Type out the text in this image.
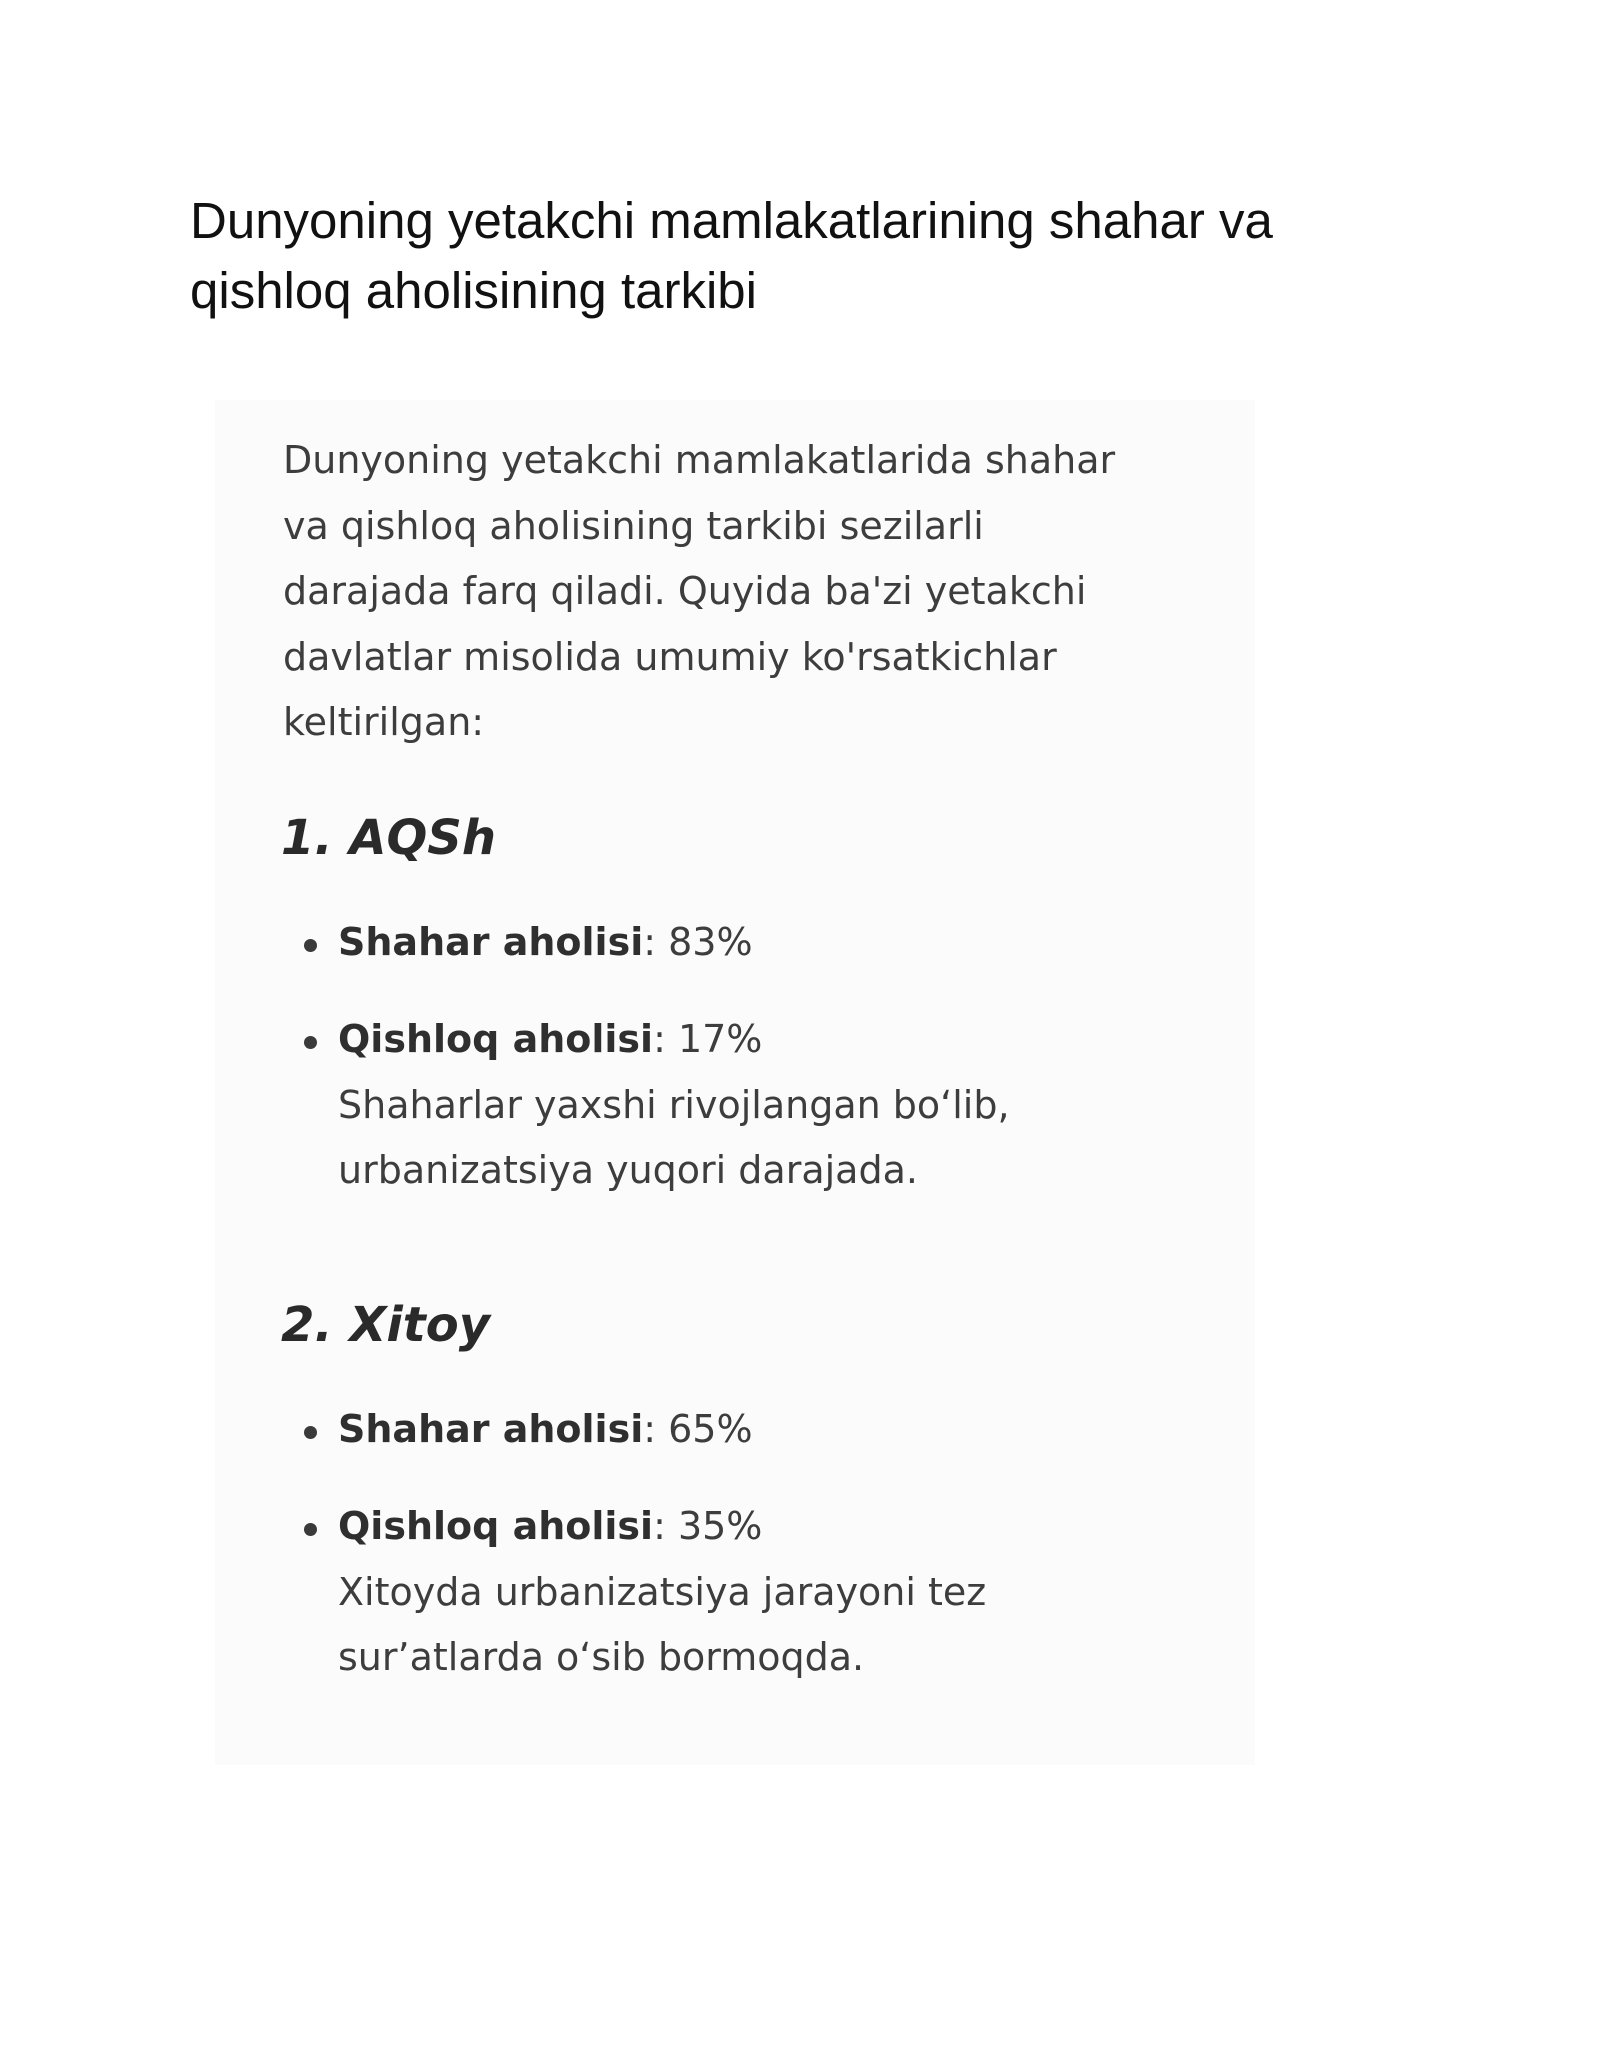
Dunyoning yetakchi mamlakatlarining shahar va qishloq aholisining tarkibi

Dunyoning yetakchi mamlakatlarida shahar
va qishloq aholisining tarkibi sezilarli
darajada farq qiladi. Quyida ba'zi yetakchi
davlatlar misolida umumiy ko'rsatkichlar
keltirilgan:

1. AQSh
Shahar aholisi: 83%
Qishloq aholisi: 17%
Shaharlar yaxshi rivojlangan bo‘lib,
urbanizatsiya yuqori darajada.
2. Xitoy
Shahar aholisi: 65%
Qishloq aholisi: 35%
Xitoyda urbanizatsiya jarayoni tez
sur’atlarda o‘sib bormoqda.
